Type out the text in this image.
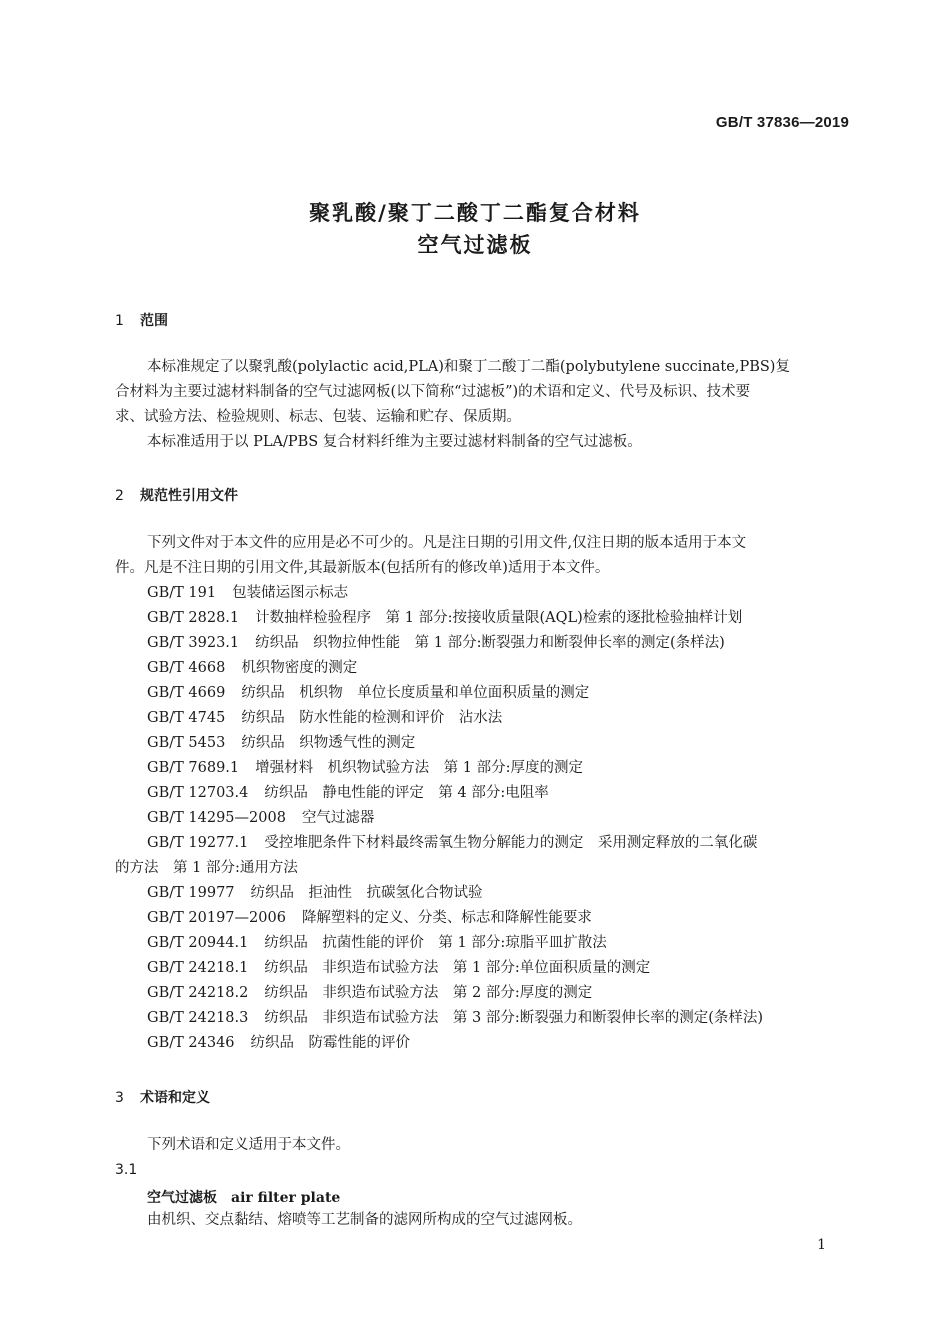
GB/T 37836—2019
聚乳酸/聚丁二酸丁二酯复合材料
空气过滤板
1 范围
本标准规定了以聚乳酸(polylactic acid,PLA)和聚丁二酸丁二酯(polybutylene succinate,PBS)复
合材料为主要过滤材料制备的空气过滤网板(以下简称“过滤板”)的术语和定义、代号及标识、技术要
求、试验方法、检验规则、标志、包装、运输和贮存、保质期。
本标准适用于以 PLA/PBS 复合材料纤维为主要过滤材料制备的空气过滤板。
2 规范性引用文件
下列文件对于本文件的应用是必不可少的。凡是注日期的引用文件,仅注日期的版本适用于本文
件。凡是不注日期的引用文件,其最新版本(包括所有的修改单)适用于本文件。
GB/T 191 包装储运图示标志
GB/T 2828.1 计数抽样检验程序　第 1 部分:按接收质量限(AQL)检索的逐批检验抽样计划
GB/T 3923.1 纺织品　织物拉伸性能　第 1 部分:断裂强力和断裂伸长率的测定(条样法)
GB/T 4668 机织物密度的测定
GB/T 4669 纺织品　机织物　单位长度质量和单位面积质量的测定
GB/T 4745 纺织品　防水性能的检测和评价　沾水法
GB/T 5453 纺织品　织物透气性的测定
GB/T 7689.1 增强材料　机织物试验方法　第 1 部分:厚度的测定
GB/T 12703.4 纺织品　静电性能的评定　第 4 部分:电阻率
GB/T 14295—2008 空气过滤器
GB/T 19277.1 受控堆肥条件下材料最终需氧生物分解能力的测定　采用测定释放的二氧化碳
的方法　第 1 部分:通用方法
GB/T 19977 纺织品　拒油性　抗碳氢化合物试验
GB/T 20197—2006 降解塑料的定义、分类、标志和降解性能要求
GB/T 20944.1 纺织品　抗菌性能的评价　第 1 部分:琼脂平皿扩散法
GB/T 24218.1 纺织品　非织造布试验方法　第 1 部分:单位面积质量的测定
GB/T 24218.2 纺织品　非织造布试验方法　第 2 部分:厚度的测定
GB/T 24218.3 纺织品　非织造布试验方法　第 3 部分:断裂强力和断裂伸长率的测定(条样法)
GB/T 24346 纺织品　防霉性能的评价
3 术语和定义
下列术语和定义适用于本文件。
3.1
空气过滤板 air filter plate
由机织、交点黏结、熔喷等工艺制备的滤网所构成的空气过滤网板。
1
